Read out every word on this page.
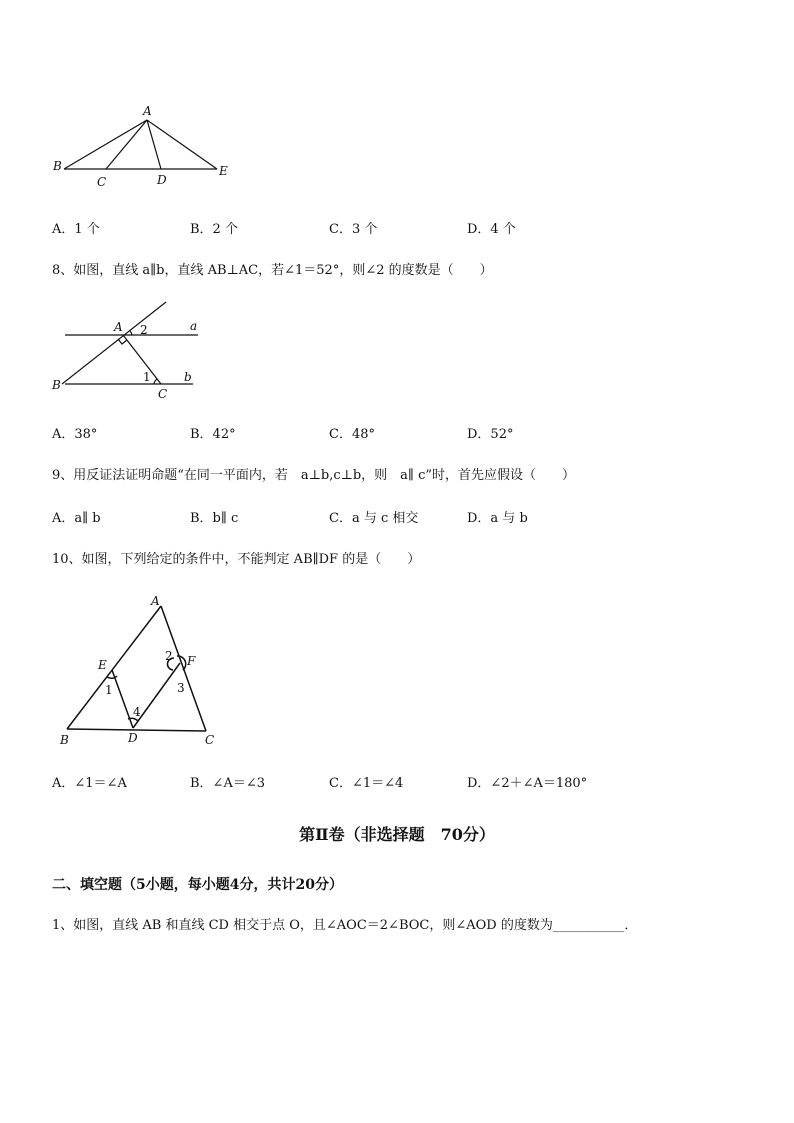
A
B
C	D
E
A．1 个	B．2 个	C．3 个	D．4 个
8、如图，直线 a∥b，直线 AB⊥AC，若∠1＝52°，则∠2 的度数是（　　）
A 2	a
B
1	b
C
A．38°	B．42°	C．48°	D．52°
9、用反证法证明命题“在同一平面内，若　a⊥b,c⊥b，则　a∥ c”时，首先应假设（　　）
A．a∥ b	B．b∥ c	C．a 与 c 相交	D．a 与 b
10、如图，下列给定的条件中，不能判定 AB∥DF 的是（　　）
A
E
2 F
1	3
4
B	D	C
A．∠1＝∠A	B．∠A＝∠3	C．∠1＝∠4	D．∠2＋∠A＝180°
第Ⅱ卷（非选择题　70分）
二、填空题（5小题，每小题4分，共计20分）
1、如图，直线 AB 和直线 CD 相交于点 O，且∠AOC＝2∠BOC，则∠AOD 的度数为___________．
